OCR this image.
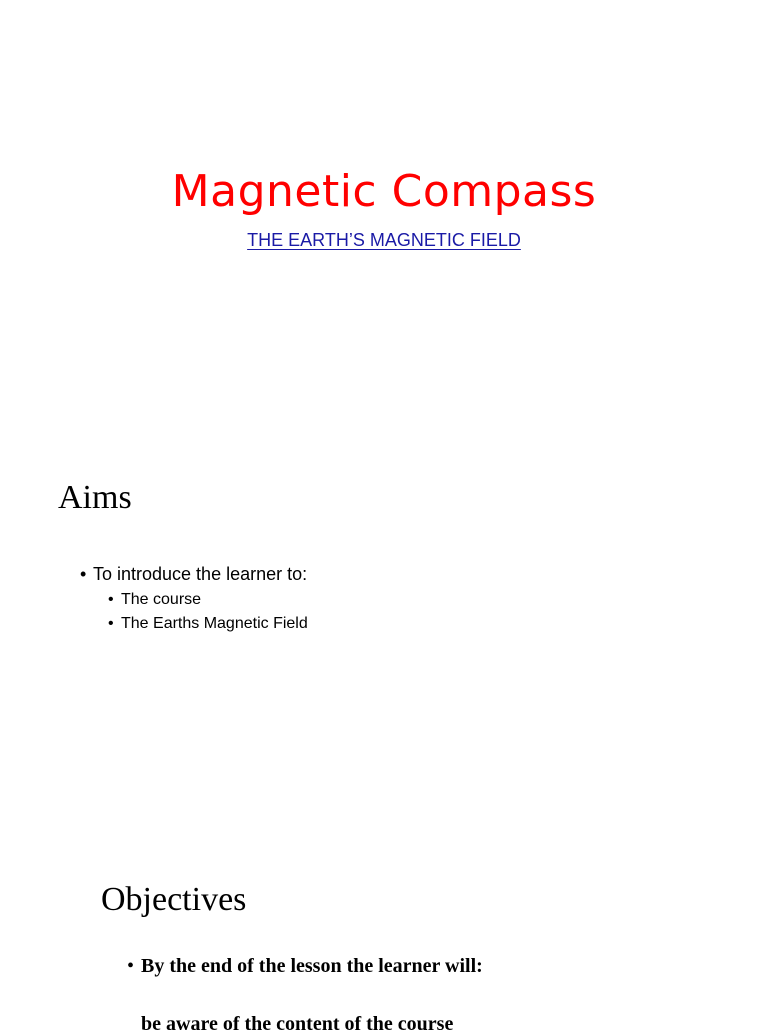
Magnetic Compass
THE EARTH’S MAGNETIC FIELD
Aims
• To introduce the learner to:
• The course
• The Earths Magnetic Field
Objectives
• By the end of the lesson the learner will:
be aware of the content of the course
